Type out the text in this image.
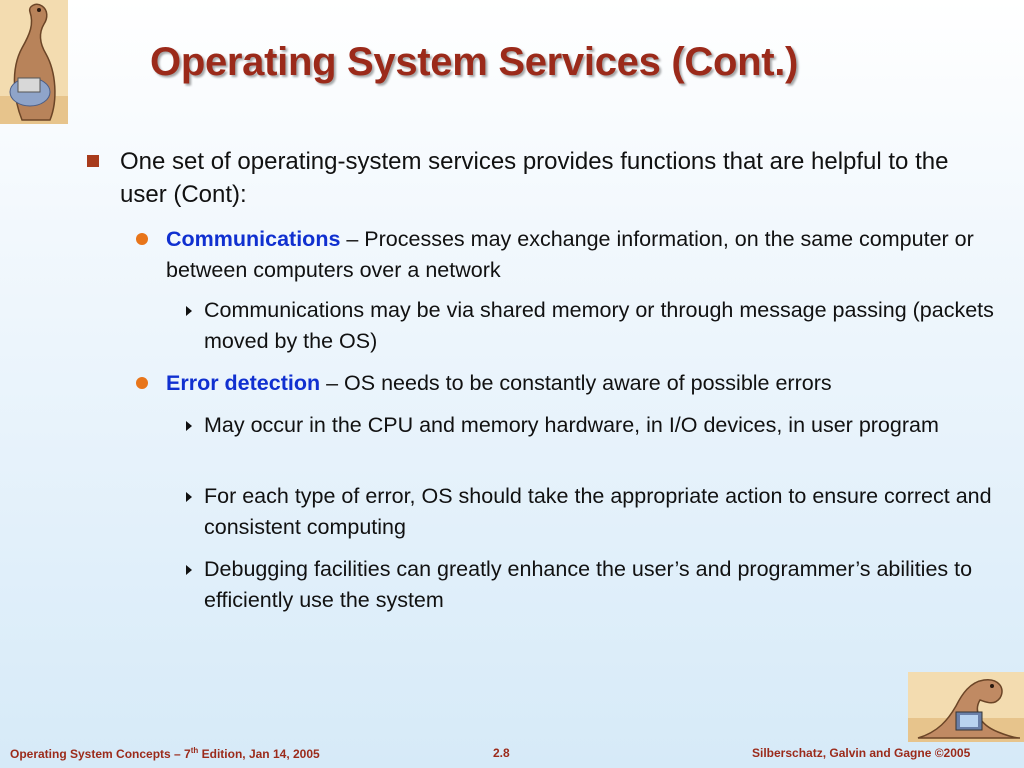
Operating System Services (Cont.)
One set of operating-system services provides functions that are helpful to the user (Cont):
Communications – Processes may exchange information, on the same computer or between computers over a network
Communications may be via shared memory or through message passing (packets moved by the OS)
Error detection – OS needs to be constantly aware of possible errors
May occur in the CPU and memory hardware, in I/O devices, in user program
For each type of error, OS should take the appropriate action to ensure correct and consistent computing
Debugging facilities can greatly enhance the user’s and programmer’s abilities to efficiently use the system
Operating System Concepts – 7th Edition, Jan 14, 2005	2.8	Silberschatz, Galvin and Gagne ©2005
